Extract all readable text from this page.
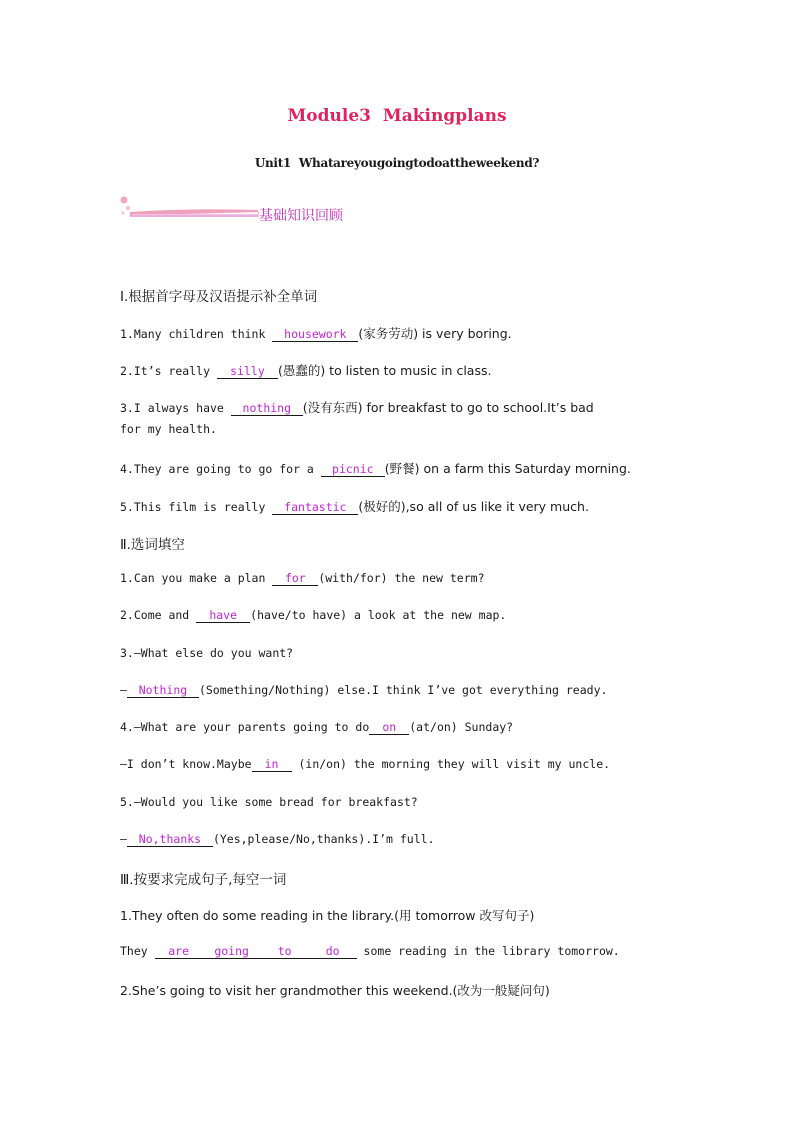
Module3 Makingplans
Unit1 Whatareyougoingtodoattheweekend?
基础知识回顾
Ⅰ.根据首字母及汉语提示补全单词
1.Many children think housework (家务劳动) is very boring.
2.It’s really silly (愚蠢的) to listen to music in class.
3.I always have nothing (没有东西) for breakfast to go to school.It’s bad
for my health.
4.They are going to go for a picnic (野餐) on a farm this Saturday morning.
5.This film is really fantastic (极好的),so all of us like it very much.
Ⅱ.选词填空
1.Can you make a plan for (with/for) the new term?
2.Come and have (have/to have) a look at the new map.
3.—What else do you want?
— Nothing (Something/Nothing) else.I think I’ve got everything ready.
4.—What are your parents going to do on (at/on) Sunday?
—I don’t know.Maybe in (in/on) the morning they will visit my uncle.
5.—Would you like some bread for breakfast?
— No,thanks (Yes,please/No,thanks).I’m full.
Ⅲ.按要求完成句子,每空一词
1.They often do some reading in the library.(用 tomorrow 改写句子)
They are going	to	do some reading in the library tomorrow.
2.She’s going to visit her grandmother this weekend.(改为一般疑问句)
